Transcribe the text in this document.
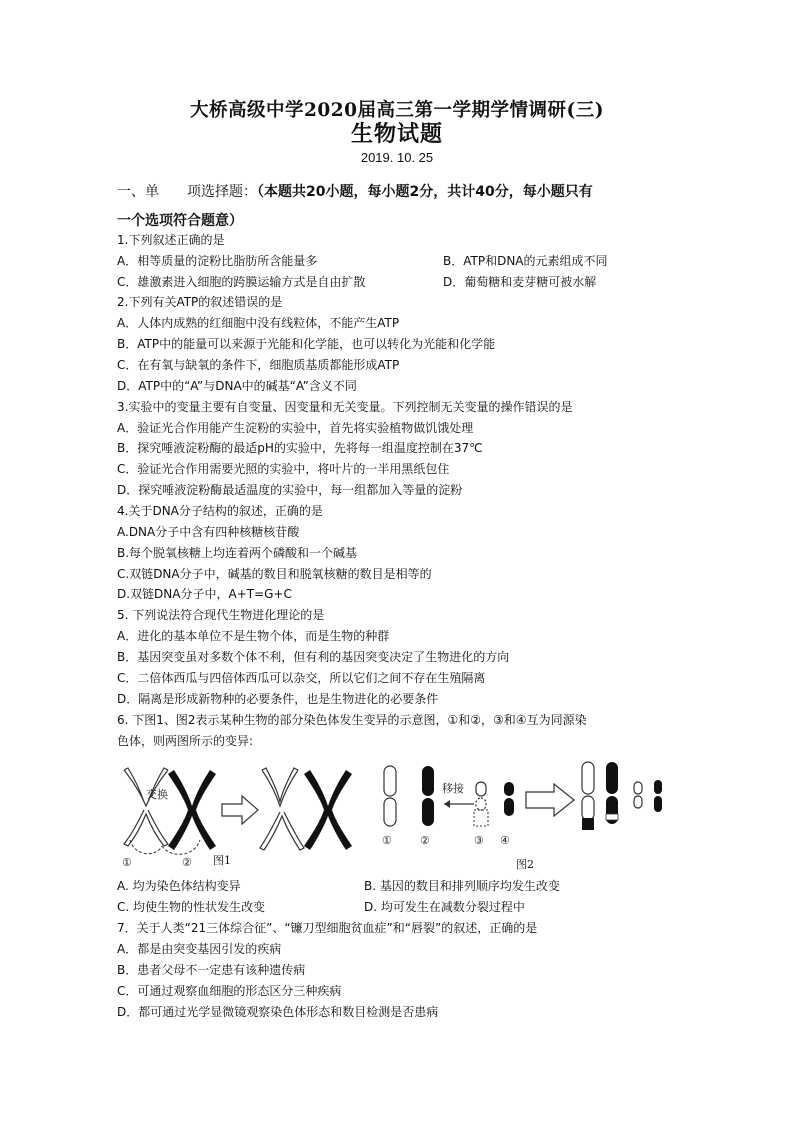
大桥高级中学2020届高三第一学期学情调研(三)
生物试题
2019. 10. 25
一、单　　项选择题：（本题共20小题，每小题2分，共计40分，每小题只有
一个选项符合题意）
1.下列叙述正确的是
A．相等质量的淀粉比脂肪所含能量多	B．ATP和DNA的元素组成不同
C．雄激素进入细胞的跨膜运输方式是自由扩散	D．葡萄糖和麦芽糖可被水解
2.下列有关ATP的叙述错误的是
A．人体内成熟的红细胞中没有线粒体，不能产生ATP
B．ATP中的能量可以来源于光能和化学能，也可以转化为光能和化学能
C．在有氧与缺氧的条件下，细胞质基质都能形成ATP
D．ATP中的“A”与DNA中的碱基“A”含义不同
3.实验中的变量主要有自变量、因变量和无关变量。下列控制无关变量的操作错误的是
A．验证光合作用能产生淀粉的实验中，首先将实验植物做饥饿处理
B．探究唾液淀粉酶的最适pH的实验中，先将每一组温度控制在37℃
C．验证光合作用需要光照的实验中，将叶片的一半用黑纸包住
D．探究唾液淀粉酶最适温度的实验中，每一组都加入等量的淀粉
4.关于DNA分子结构的叙述，正确的是
A.DNA分子中含有四种核糖核苷酸
B.每个脱氧核糖上均连着两个磷酸和一个碱基
C.双链DNA分子中，碱基的数目和脱氧核糖的数目是相等的
D.双链DNA分子中，A+T=G+C
5. 下列说法符合现代生物进化理论的是
A．进化的基本单位不是生物个体，而是生物的种群
B．基因突变虽对多数个体不利，但有利的基因突变决定了生物进化的方向
C．二倍体西瓜与四倍体西瓜可以杂交，所以它们之间不存在生殖隔离
D．隔离是形成新物种的必要条件，也是生物进化的必要条件
6. 下图1、图2表示某种生物的部分染色体发生变异的示意图，①和②，③和④互为同源染
色体，则两图所示的变异:
交换
①	② 图1
移接
①	②	③ ④
图2
A. 均为染色体结构变异	B. 基因的数目和排列顺序均发生改变
C. 均使生物的性状发生改变	D. 均可发生在减数分裂过程中
7．关于人类“21三体综合征”、“镰刀型细胞贫血症”和“唇裂”的叙述，正确的是
A．都是由突变基因引发的疾病
B．患者父母不一定患有该种遗传病
C．可通过观察血细胞的形态区分三种疾病
D．都可通过光学显微镜观察染色体形态和数目检测是否患病
